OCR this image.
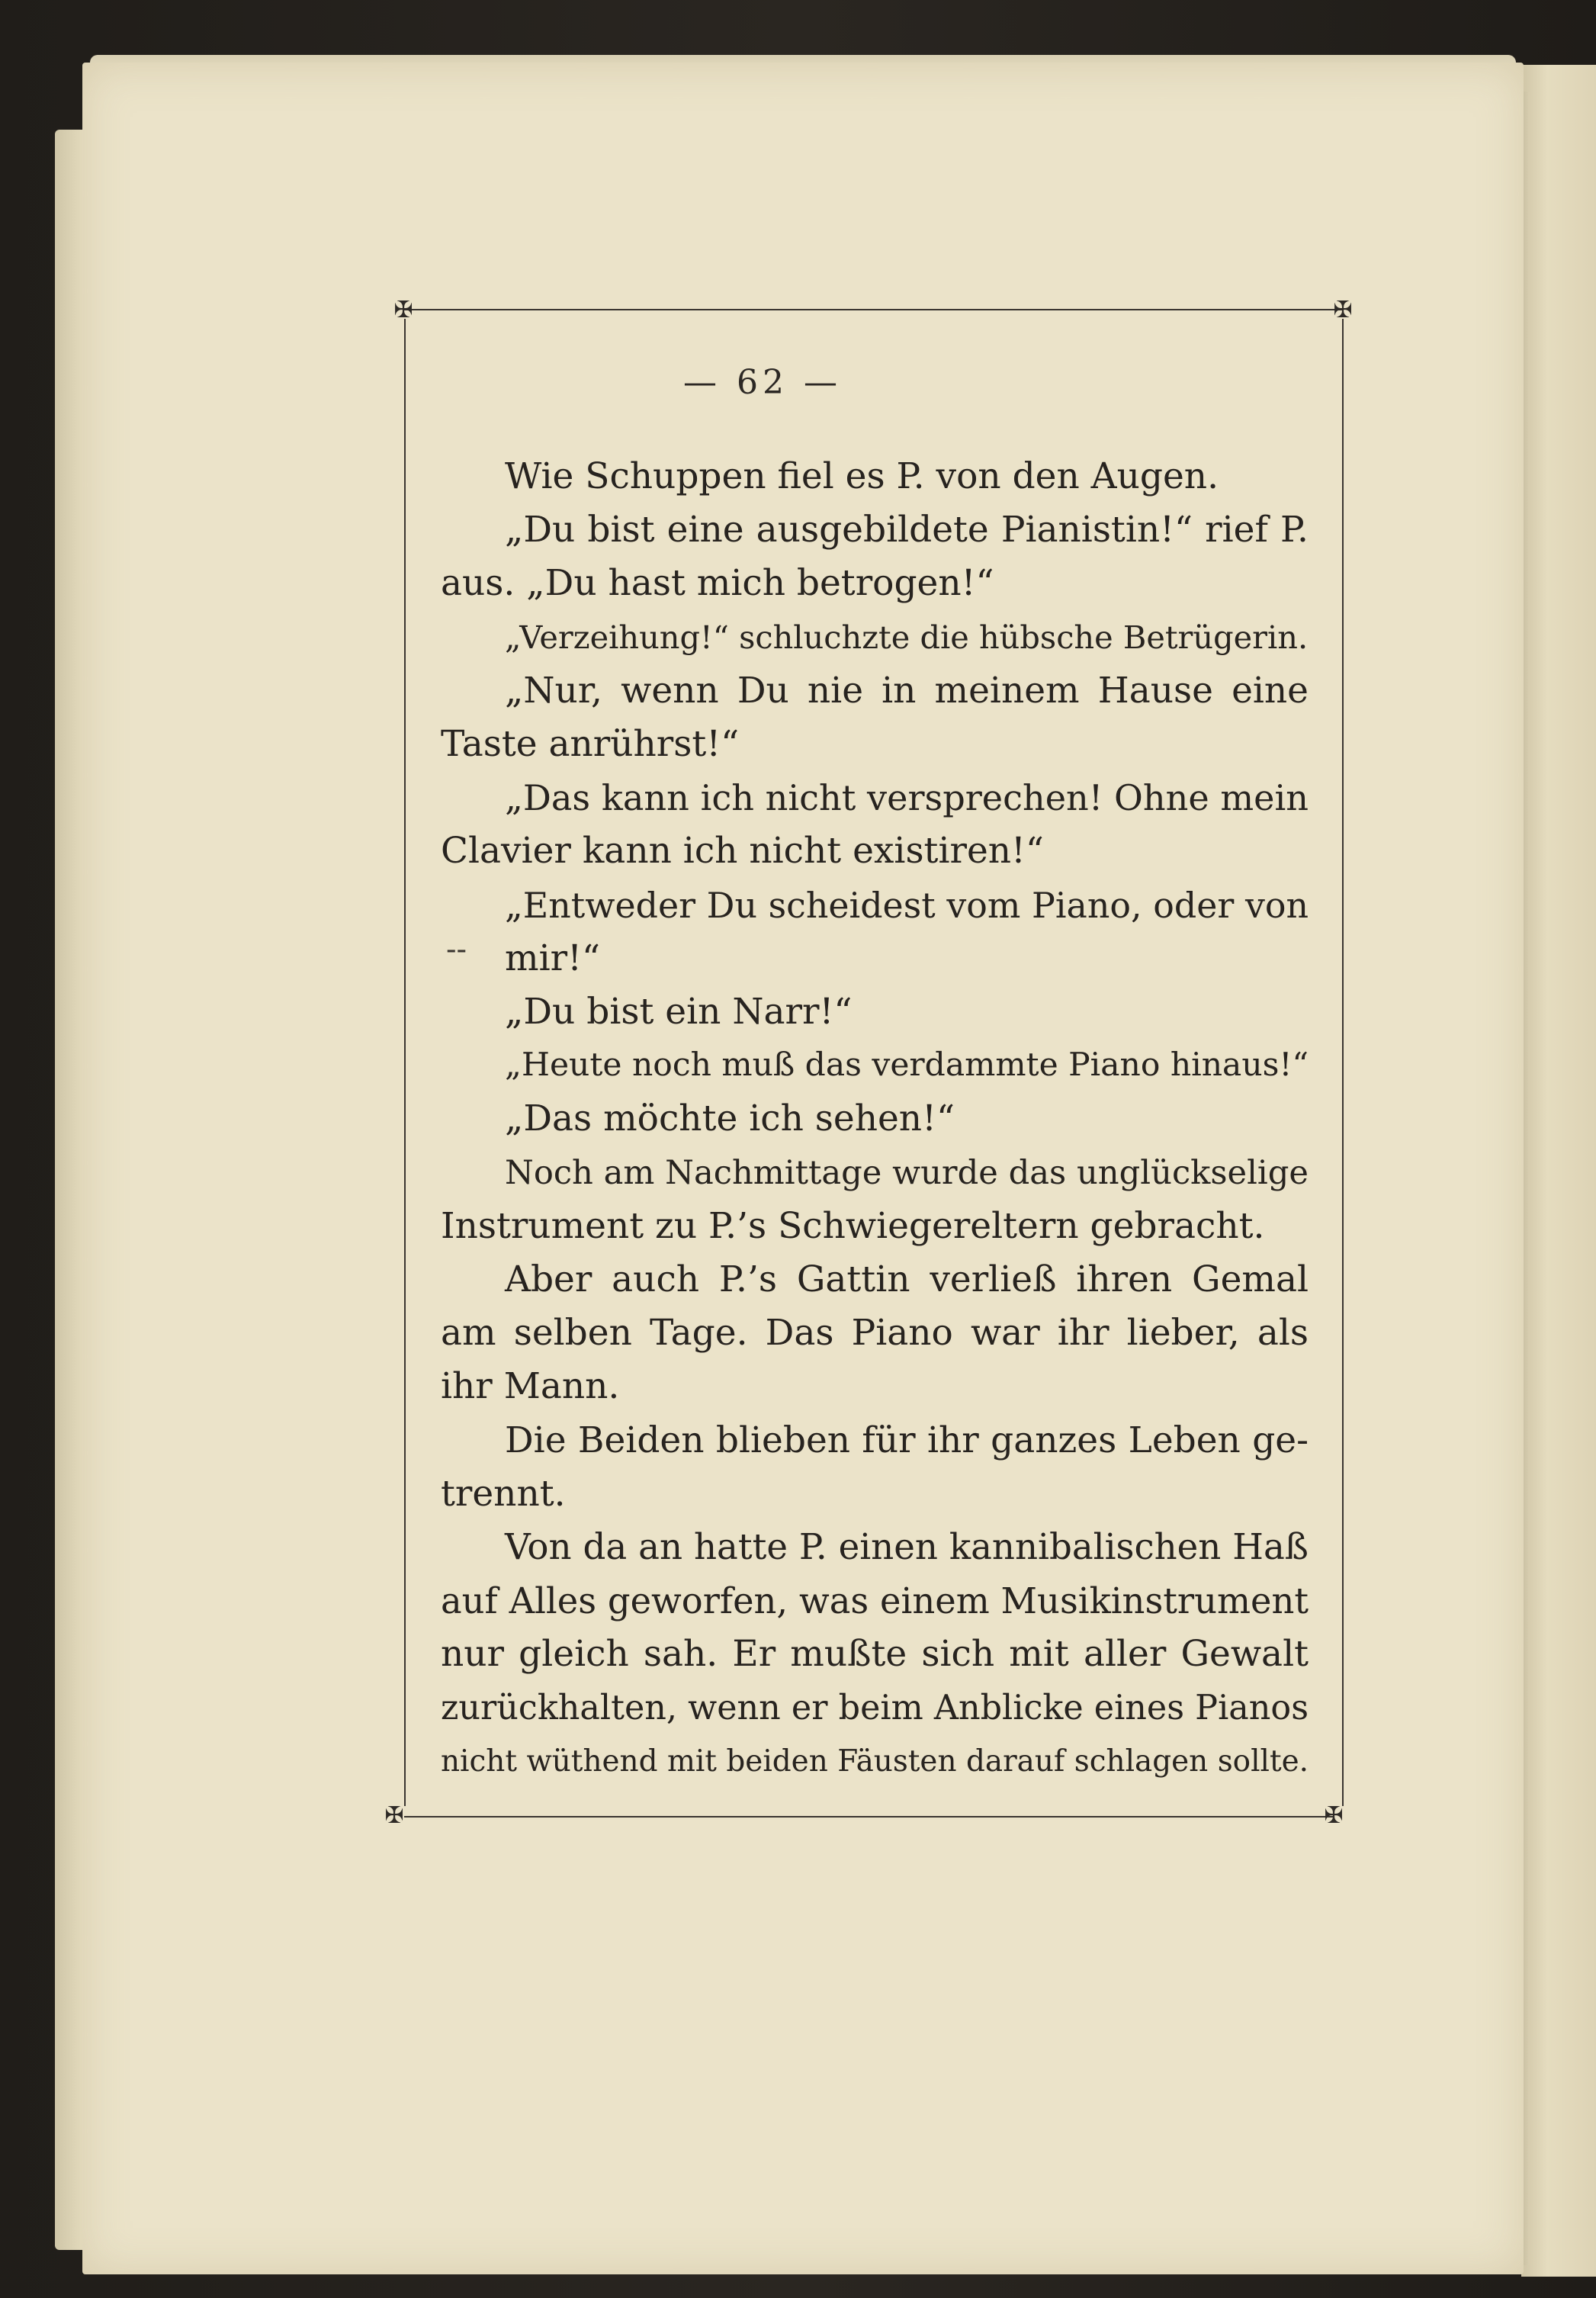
✠	✠
✠	✠
— 62 —
--
Wie Schuppen fiel es P. von den Augen.
„Du bist eine ausgebildete Pianistin!“ rief P.
aus. „Du hast mich betrogen!“
„Verzeihung!“ schluchzte die hübsche Betrügerin.
„Nur, wenn Du nie in meinem Hause eine
Taste anrührst!“
„Das kann ich nicht versprechen! Ohne mein
Clavier kann ich nicht existiren!“
„Entweder Du scheidest vom Piano, oder von
mir!“
„Du bist ein Narr!“
„Heute noch muß das verdammte Piano hinaus!“
„Das möchte ich sehen!“
Noch am Nachmittage wurde das unglückselige
Instrument zu P.’s Schwiegereltern gebracht.
Aber auch P.’s Gattin verließ ihren Gemal
am selben Tage. Das Piano war ihr lieber, als
ihr Mann.
Die Beiden blieben für ihr ganzes Leben ge-
trennt.
Von da an hatte P. einen kannibalischen Haß
auf Alles geworfen, was einem Musikinstrument
nur gleich sah. Er mußte sich mit aller Gewalt
zurückhalten, wenn er beim Anblicke eines Pianos
nicht wüthend mit beiden Fäusten darauf schlagen sollte.
